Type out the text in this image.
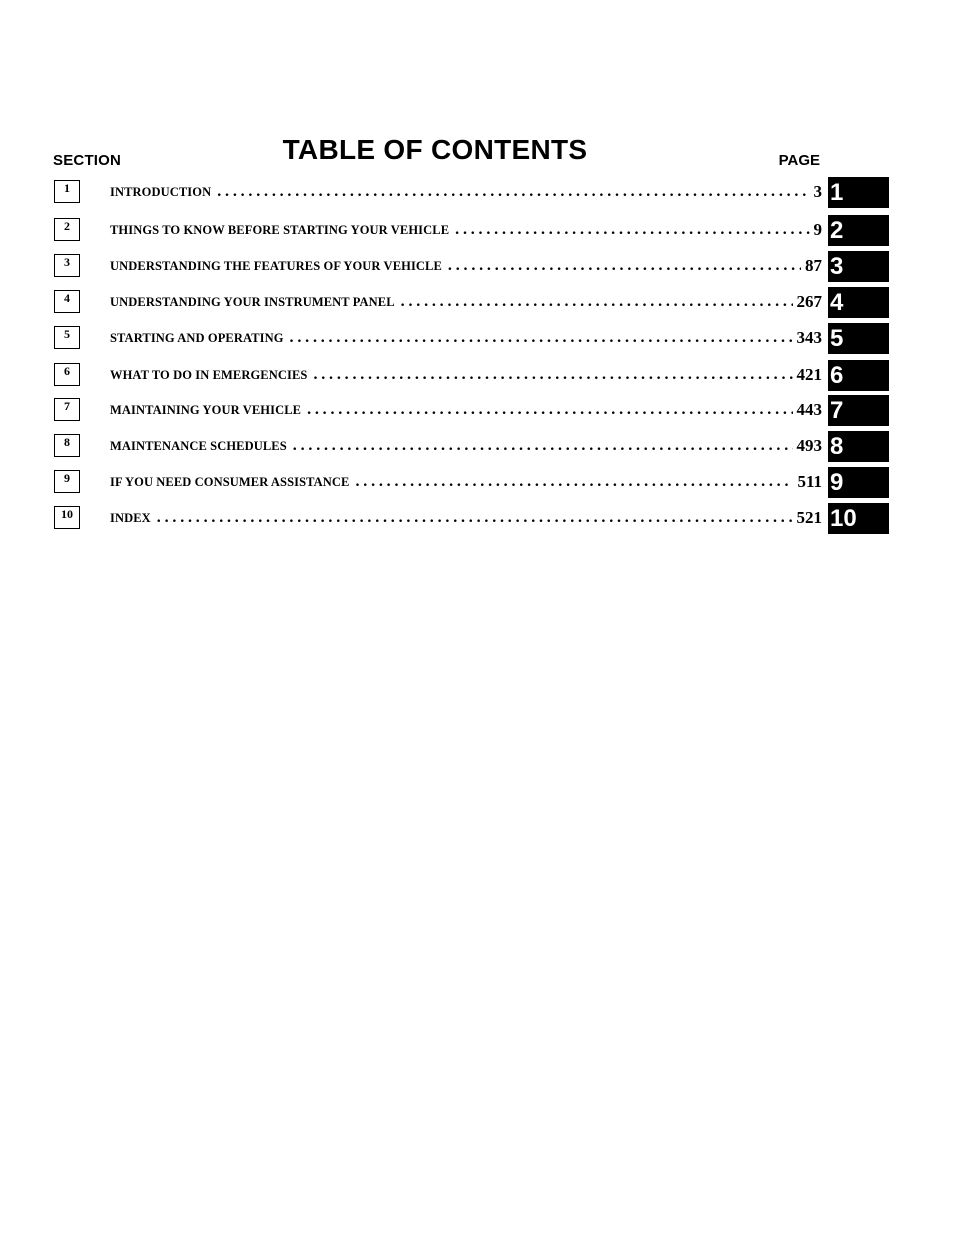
SECTION	TABLE OF CONTENTS	PAGE
1	INTRODUCTION .....	3 1
2	THINGS TO KNOW BEFORE STARTING YOUR VEHICLE .....	9 2
3	UNDERSTANDING THE FEATURES OF YOUR VEHICLE .....	87 3
4	UNDERSTANDING YOUR INSTRUMENT PANEL .....	267 4
5	STARTING AND OPERATING .....	343 5
6	WHAT TO DO IN EMERGENCIES .....	421 6
7	MAINTAINING YOUR VEHICLE .....	443 7
8	MAINTENANCE SCHEDULES .....	493 8
9	IF YOU NEED CONSUMER ASSISTANCE .....	511 9
10	INDEX .....	521 10
